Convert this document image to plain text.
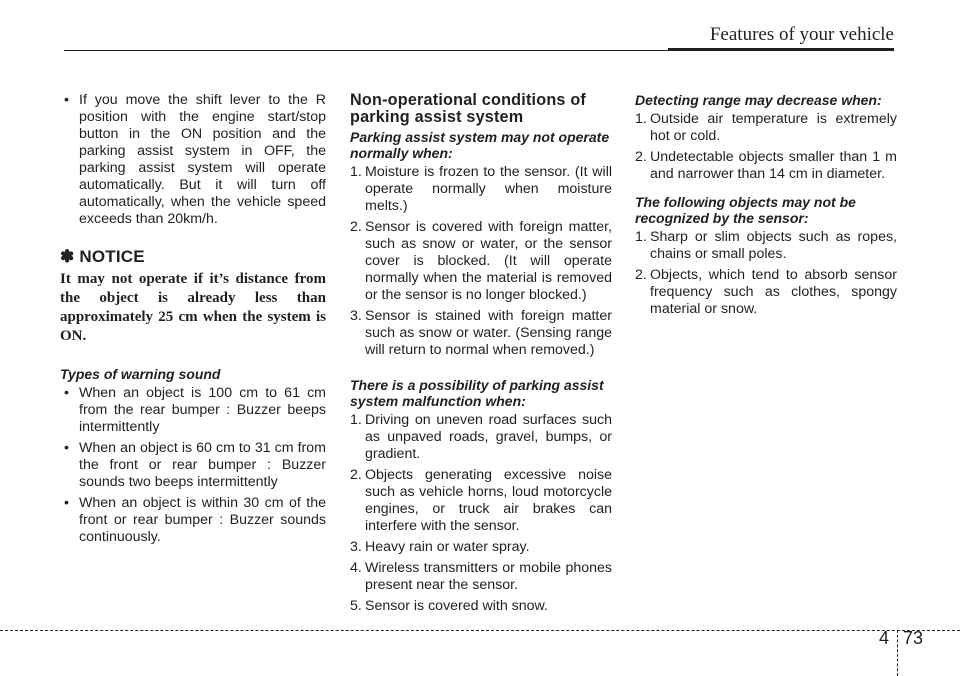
Features of your vehicle
• If you move the shift lever to the R position with the engine start/stop button in the ON position and the parking assist system in OFF, the parking assist system will operate automatically. But it will turn off automatically, when the vehicle speed exceeds than 20km/h.
✽ NOTICE

It may not operate if it’s distance from the object is already less than approximately 25 cm when the system is ON.

Types of warning sound

• When an object is 100 cm to 61 cm from the rear bumper : Buzzer beeps intermittently
• When an object is 60 cm to 31 cm from the front or rear bumper : Buzzer sounds two beeps intermittently
• When an object is within 30 cm of the front or rear bumper : Buzzer sounds continuously.

Non-operational conditions of parking assist system

Parking assist system may not operate normally when:

1. Moisture is frozen to the sensor. (It will operate normally when moisture melts.)
2. Sensor is covered with foreign matter, such as snow or water, or the sensor cover is blocked. (It will operate normally when the material is removed or the sensor is no longer blocked.)
3. Sensor is stained with foreign matter such as snow or water. (Sensing range will return to normal when removed.)

There is a possibility of parking assist system malfunction when:

1. Driving on uneven road surfaces such as unpaved roads, gravel, bumps, or gradient.
2. Objects generating excessive noise such as vehicle horns, loud motorcycle engines, or truck air brakes can interfere with the sensor.
3. Heavy rain or water spray.
4. Wireless transmitters or mobile phones present near the sensor.
5. Sensor is covered with snow.

Detecting range may decrease when:

1. Outside air temperature is extremely hot or cold.
2. Undetectable objects smaller than 1 m and narrower than 14 cm in diameter.

The following objects may not be recognized by the sensor:

1. Sharp or slim objects such as ropes, chains or small poles.
2. Objects, which tend to absorb sensor frequency such as clothes, spongy material or snow.
4 73
